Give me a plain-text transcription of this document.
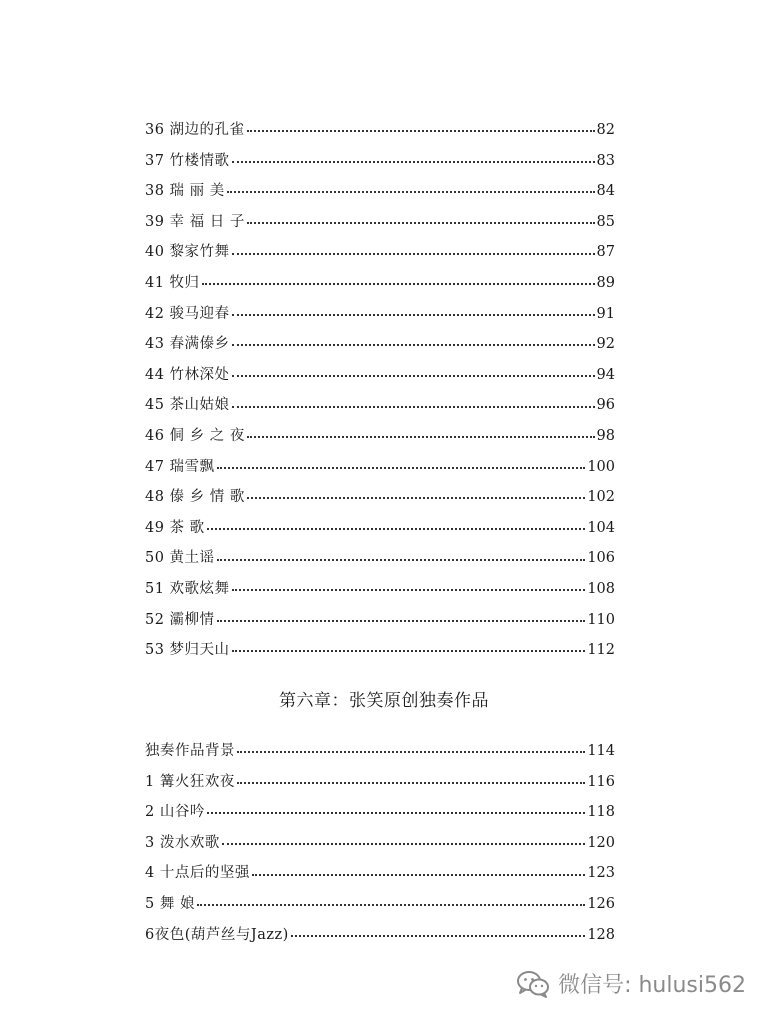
36 湖边的孔雀	82
37 竹楼情歌	83
38 瑞 丽 美	84
39 幸 福 日 子	85
40 黎家竹舞	87
41 牧归	89
42 骏马迎春	91
43 春满傣乡	92
44 竹林深处	94
45 茶山姑娘	96
46 侗 乡 之 夜	98
47 瑞雪飘	100
48 傣 乡 情 歌	102
49 茶 歌	104
50 黄土谣	106
51 欢歌炫舞	108
52 灞柳情	110
53 梦归天山	112
第六章：张笑原创独奏作品
独奏作品背景	114
1 篝火狂欢夜	116
2 山谷吟	118
3 泼水欢歌	120
4 十点后的坚强	123
5 舞 娘	126
6夜色(葫芦丝与Jazz)	128
微信号: hulusi562
